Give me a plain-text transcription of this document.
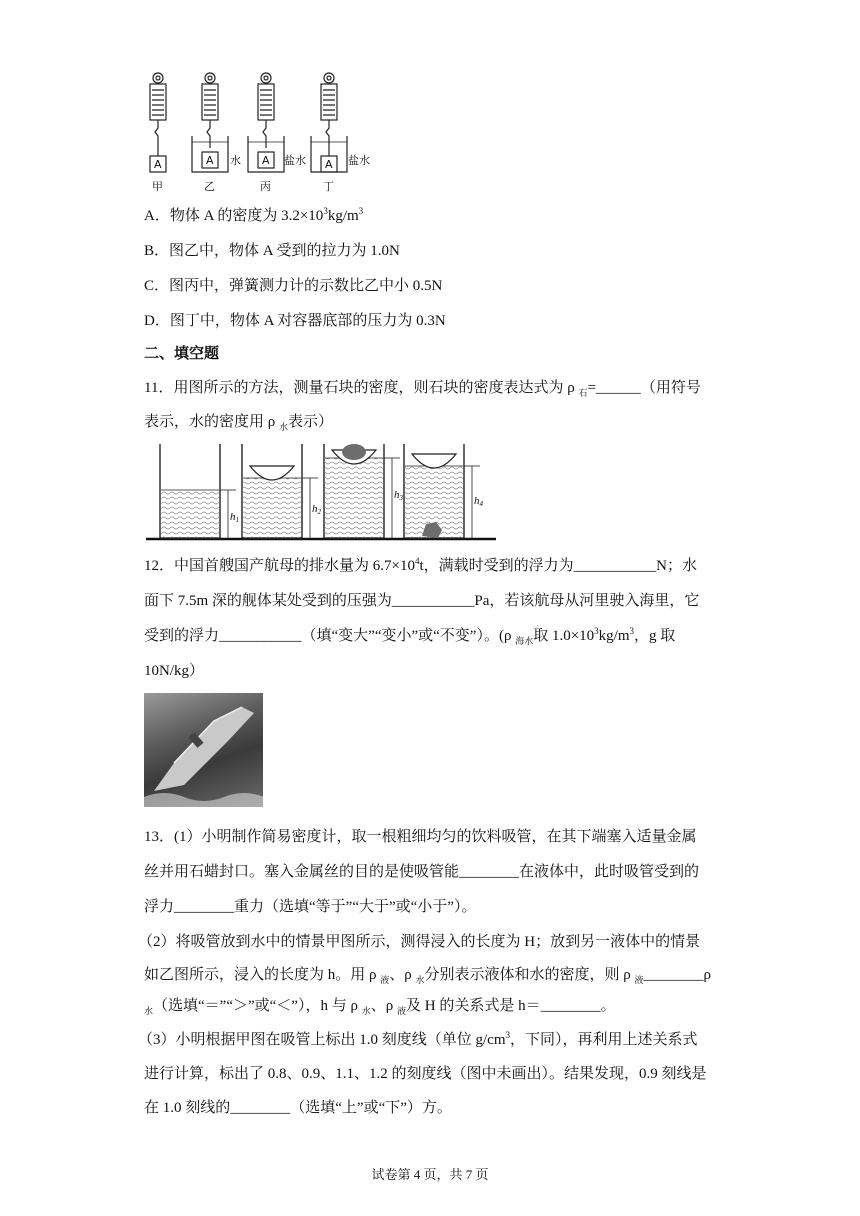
A	A	A	A
水	盐水	盐水
甲	乙	丙	丁
A．物体 A 的密度为 $3.2\times 10^3kg/m^3$
B．图乙中，物体 A 受到的拉力为 1.0N
C．图丙中，弹簧测力计的示数比乙中小 0.5N
D．图丁中，物体 A 对容器底部的压力为 0.3N
二、填空题
11．用图所示的方法，测量石块的密度，则石块的密度表达式为 ρ $_石$=______（用符号
表示，水的密度用 ρ $_水$表示）
h1
h2
h3	h4
12．中国首艘国产航母的排水量为 $6.7\times 10^4t$，满载时受到的浮力为___________N；水
面下 7.5m 深的舰体某处受到的压强为___________Pa，若该航母从河里驶入海里，它
受到的浮力___________（填“变大”“变小”或“不变”）。(ρ $_{海水}$取 $1.0\times 10^3kg/m^3$，g 取
10N/kg）
13．(1）小明制作简易密度计，取一根粗细均匀的饮料吸管，在其下端塞入适量金属
丝并用石蜡封口。塞入金属丝的目的是使吸管能________在液体中，此时吸管受到的
浮力________重力（选填“等于”“大于”或“小于”）。
（2）将吸管放到水中的情景甲图所示，测得浸入的长度为 H；放到另一液体中的情景
如乙图所示，浸入的长度为 h。用 ρ $_液$、ρ $_水$分别表示液体和水的密度，则 ρ $_液$________ρ
$_水$（选填“＝”“＞”或“＜”），h 与 ρ $_水$、ρ $_液$及 H 的关系式是 h＝________。
（3）小明根据甲图在吸管上标出 1.0 刻度线（单位 $g/cm^3$，下同），再利用上述关系式
进行计算，标出了 0.8、0.9、1.1、1.2 的刻度线（图中未画出）。结果发现，0.9 刻线是
在 1.0 刻线的________（选填“上”或“下”）方。
试卷第 4 页，共 7 页
